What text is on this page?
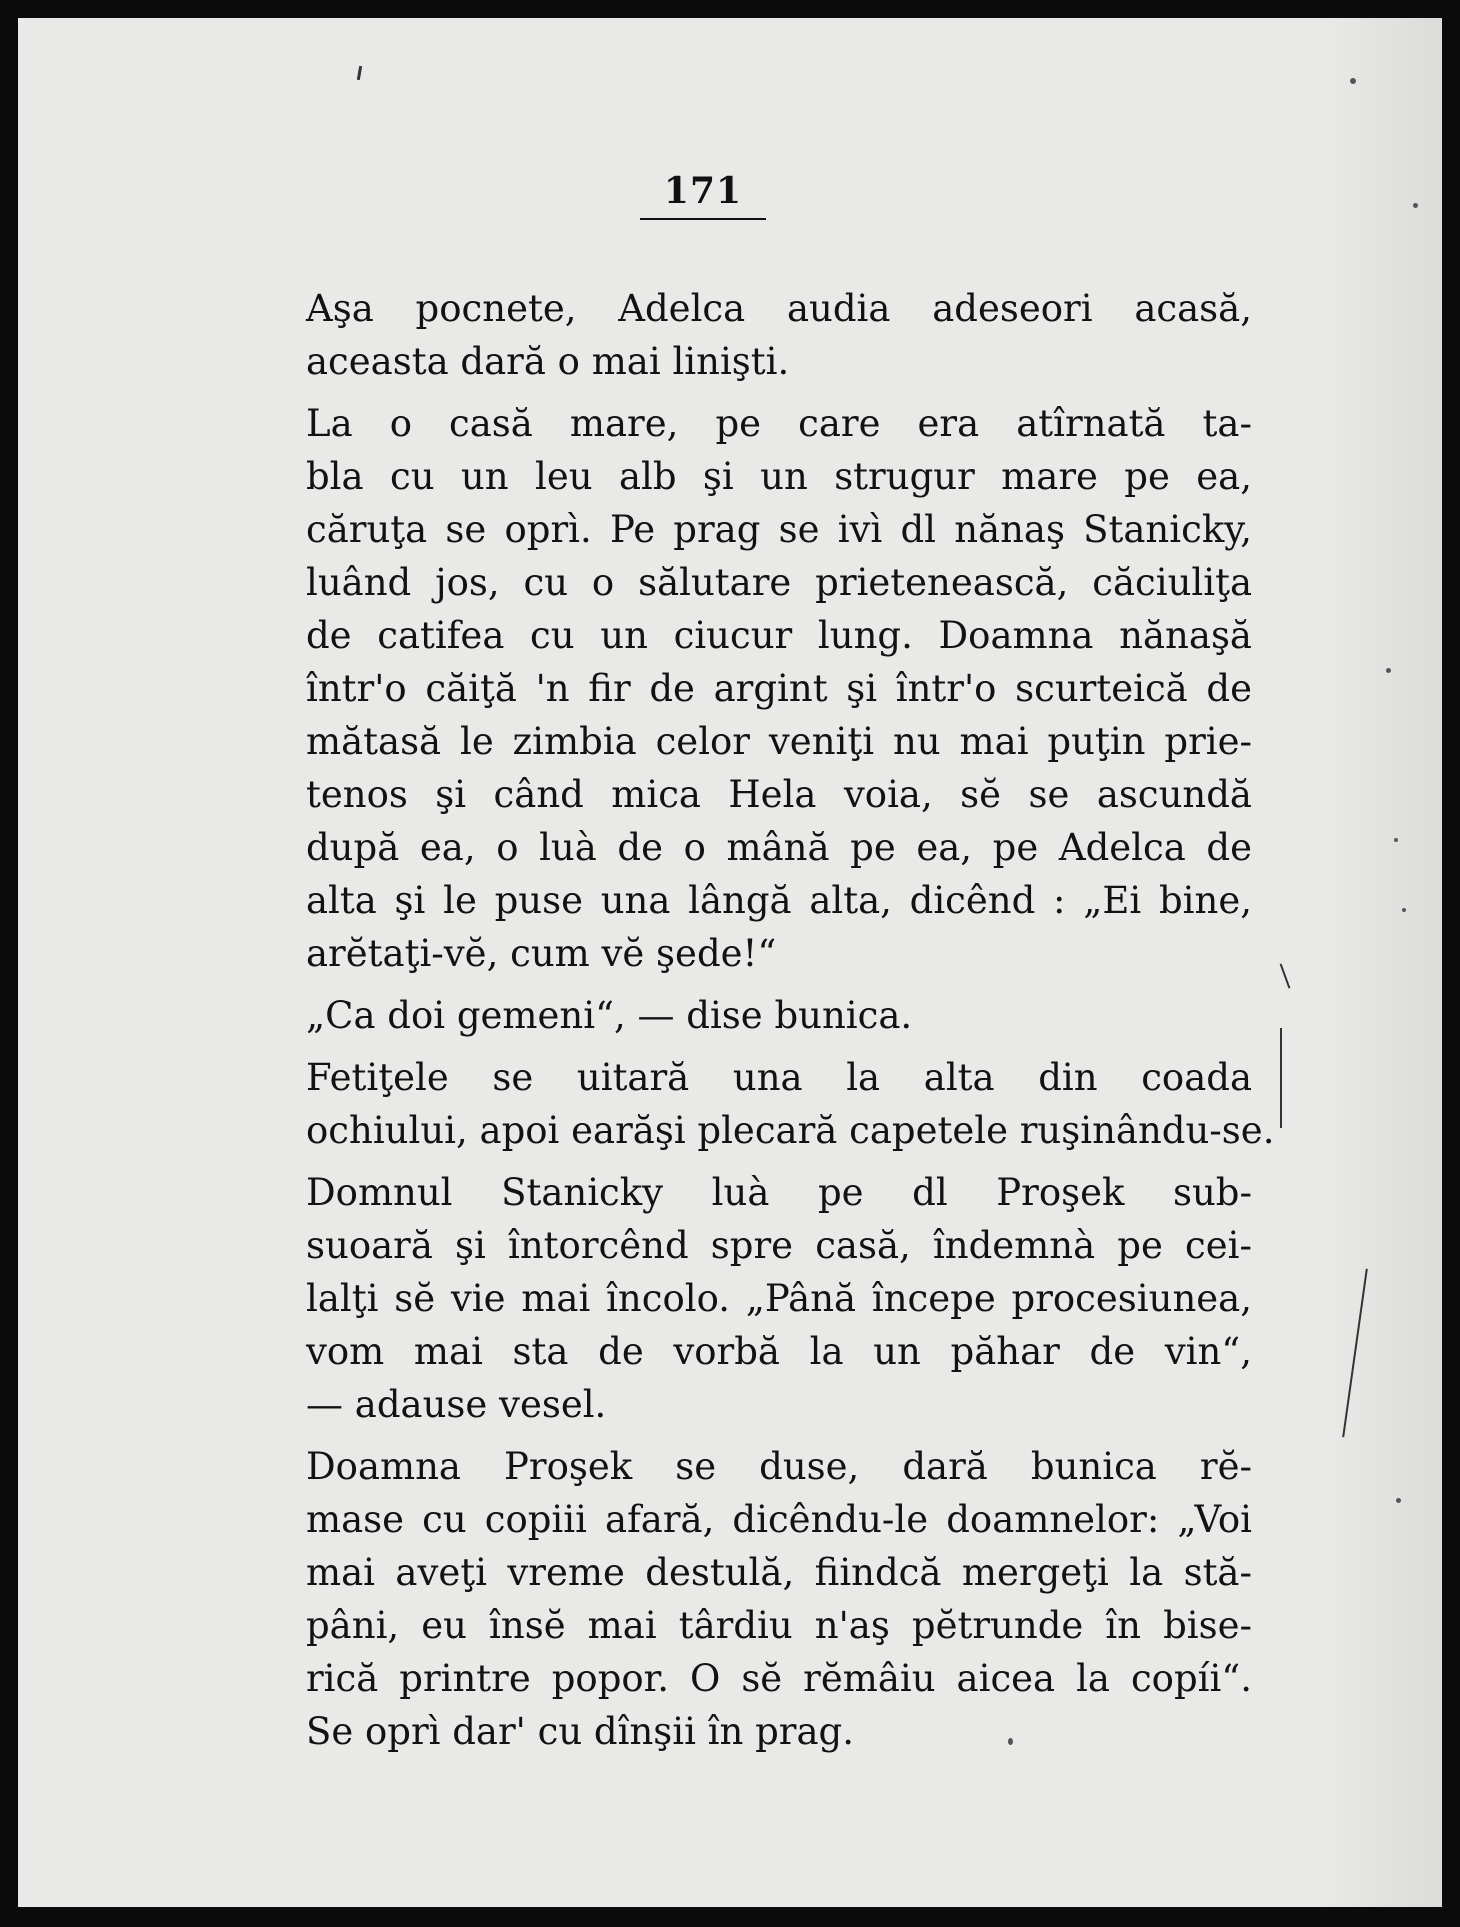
171

Aşa pocnete, Adelca audia adeseori acasă,
aceasta dară o mai linişti.

La o casă mare, pe care era atîrnată ta-
bla cu un leu alb şi un strugur mare pe ea,
căruţa se oprì. Pe prag se ivì dl nănaş Stanicky,
luând jos, cu o sălutare prietenească, căciuliţa
de catifea cu un ciucur lung. Doamna nănaşă
într'o căiţă 'n fir de argint şi într'o scurteică de
mătasă le zimbia celor veniţi nu mai puţin prie-
tenos şi când mica Hela voia, sĕ se ascundă
după ea, o luà de o mână pe ea, pe Adelca de
alta şi le puse una lângă alta, dicênd : „Ei bine,
arĕtaţi-vĕ, cum vĕ şede!“

„Ca doi gemeni“, — dise bunica.

Fetiţele se uitară una la alta din coada
ochiului, apoi earăşi plecară capetele ruşinându-se.

Domnul Stanicky luà pe dl Proşek sub-
suoară şi întorcênd spre casă, îndemnà pe cei-
lalţi sĕ vie mai încolo. „Până începe procesiunea,
vom mai sta de vorbă la un păhar de vin“,
— adause vesel.

Doamna Proşek se duse, dară bunica rĕ-
mase cu copiii afară, dicêndu-le doamnelor: „Voi
mai aveţi vreme destulă, fiindcă mergeţi la stă-
pâni, eu însĕ mai târdiu n'aş pĕtrunde în bise-
rică printre popor. O sĕ rĕmâiu aicea la copíi“.
Se oprì dar' cu dînşii în prag.
